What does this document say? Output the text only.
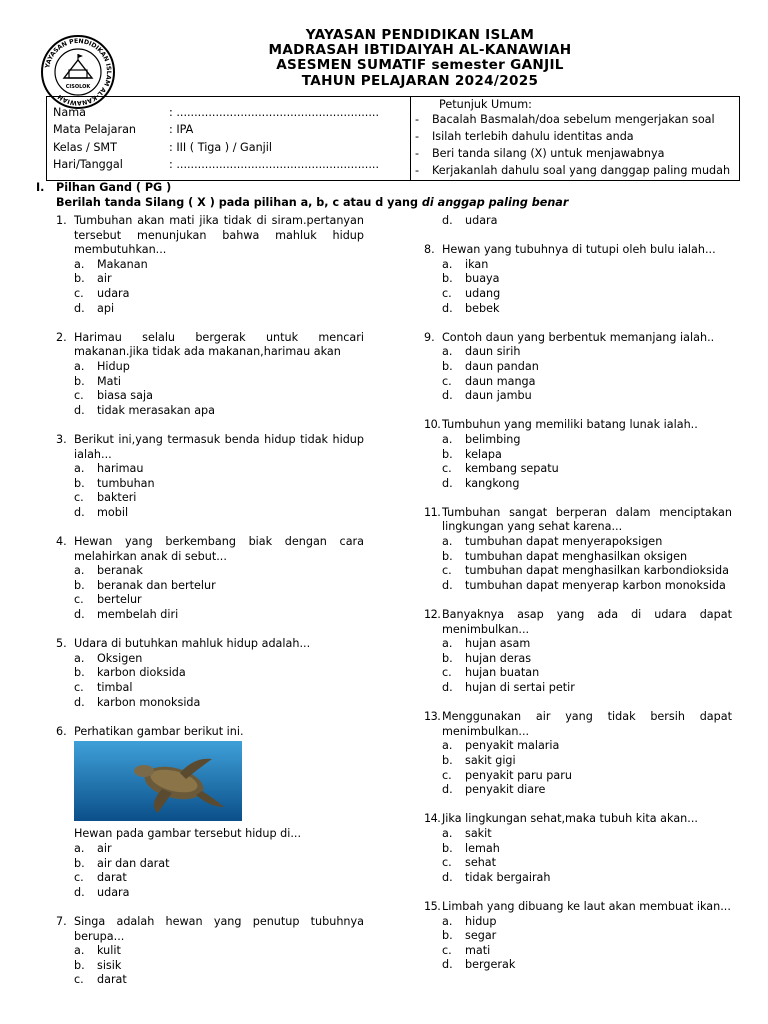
YAYASAN PENDIDIKAN ISLAM AL-KANAWIAH
CISOLOK
YAYASAN PENDIDIKAN ISLAM
MADRASAH IBTIDAIYAH AL-KANAWIAH
ASESMEN SUMATIF semester GANJIL
TAHUN PELAJARAN 2024/2025
Nama	: .........................................................
Mata Pelajaran	: IPA
Kelas / SMT	: III ( Tiga ) / Ganjil
Hari/Tanggal	: .........................................................
Petunjuk Umum:
-	Bacalah Basmalah/doa sebelum mengerjakan soal
-	Isilah terlebih dahulu identitas anda
-	Beri tanda silang (X) untuk menjawabnya
-	Kerjakanlah dahulu soal yang danggap paling mudah
I.	Pilhan Gand ( PG )
Berilah tanda Silang ( X ) pada pilihan a, b, c atau d yang di anggap paling benar
1. Tumbuhan akan mati jika tidak di siram.pertanyan tersebut menunjukan bahwa mahluk hidup membutuhkan...
a.	Makanan
b.	air
c.	udara
d.	api
2. Harimau selalu bergerak untuk mencari makanan.jika tidak ada makanan,harimau akan
a.	Hidup
b.	Mati
c.	biasa saja
d.	tidak merasakan apa
3. Berikut ini,yang termasuk benda hidup tidak hidup ialah...
a.	harimau
b.	tumbuhan
c.	bakteri
d.	mobil
4. Hewan yang berkembang biak dengan cara melahirkan anak di sebut...
a.	beranak
b.	beranak dan bertelur
c.	bertelur
d.	membelah diri
5. Udara di butuhkan mahluk hidup adalah...
a.	Oksigen
b.	karbon dioksida
c.	timbal
d.	karbon monoksida
6. Perhatikan gambar berikut ini.
Hewan pada gambar tersebut hidup di...
a.	air
b.	air dan darat
c.	darat
d.	udara
7. Singa adalah hewan yang penutup tubuhnya berupa...
a.	kulit
b.	sisik
c.	darat
d.	udara
8. Hewan yang tubuhnya di tutupi oleh bulu ialah...
a.	ikan
b.	buaya
c.	udang
d.	bebek
9. Contoh daun yang berbentuk memanjang ialah..
a.	daun sirih
b.	daun pandan
c.	daun manga
d.	daun jambu
10. Tumbuhun yang memiliki batang lunak ialah..
a.	belimbing
b.	kelapa
c.	kembang sepatu
d.	kangkong
11. Tumbuhan sangat berperan dalam menciptakan lingkungan yang sehat karena...
a.	tumbuhan dapat menyerapoksigen
b.	tumbuhan dapat menghasilkan oksigen
c.	tumbuhan dapat menghasilkan karbondioksida
d.	tumbuhan dapat menyerap karbon monoksida
12. Banyaknya asap yang ada di udara dapat menimbulkan...
a.	hujan asam
b.	hujan deras
c.	hujan buatan
d.	hujan di sertai petir
13. Menggunakan air yang tidak bersih dapat menimbulkan...
a.	penyakit malaria
b.	sakit gigi
c.	penyakit paru paru
d.	penyakit diare
14. Jika lingkungan sehat,maka tubuh kita akan...
a.	sakit
b.	lemah
c.	sehat
d.	tidak bergairah
15. Limbah yang dibuang ke laut akan membuat ikan...
a.	hidup
b.	segar
c.	mati
d.	bergerak
